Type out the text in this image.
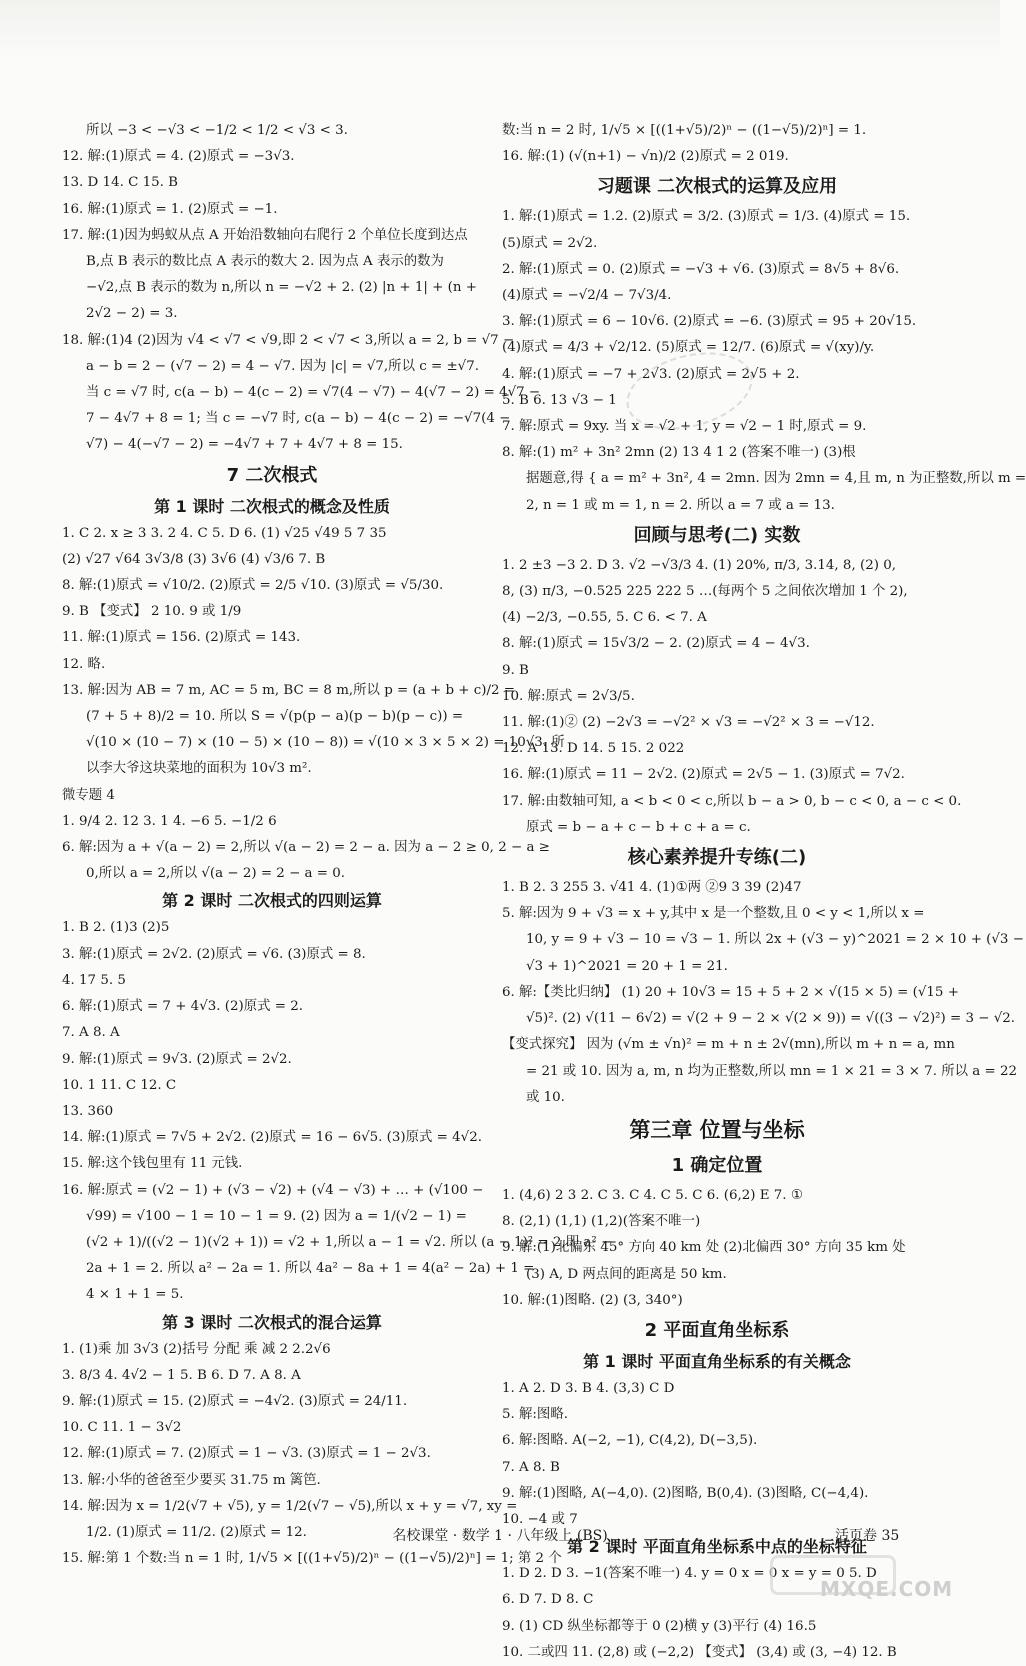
所以 −3 < −√3 < −1/2 < 1/2 < √3 < 3.
12. 解:(1)原式 = 4. (2)原式 = −3√3.
13. D 14. C 15. B
16. 解:(1)原式 = 1. (2)原式 = −1.
17. 解:(1)因为蚂蚁从点 A 开始沿数轴向右爬行 2 个单位长度到达点
B,点 B 表示的数比点 A 表示的数大 2. 因为点 A 表示的数为
−√2,点 B 表示的数为 n,所以 n = −√2 + 2. (2) |n + 1| + (n +
2√2 − 2) = 3.
18. 解:(1)4 (2)因为 √4 < √7 < √9,即 2 < √7 < 3,所以 a = 2, b = √7 −
a − b = 2 − (√7 − 2) = 4 − √7. 因为 |c| = √7,所以 c = ±√7.
当 c = √7 时, c(a − b) − 4(c − 2) = √7(4 − √7) − 4(√7 − 2) = 4√7 −
7 − 4√7 + 8 = 1; 当 c = −√7 时, c(a − b) − 4(c − 2) = −√7(4 −
√7) − 4(−√7 − 2) = −4√7 + 7 + 4√7 + 8 = 15.
7 二次根式
第 1 课时 二次根式的概念及性质
1. C 2. x ≥ 3 3. 2 4. C 5. D 6. (1) √25 √49 5 7 35
(2) √27 √64 3√3/8 (3) 3√6 (4) √3/6 7. B
8. 解:(1)原式 = √10/2. (2)原式 = 2/5 √10. (3)原式 = √5/30.
9. B 【变式】 2 10. 9 或 1/9
11. 解:(1)原式 = 156. (2)原式 = 143.
12. 略.
13. 解:因为 AB = 7 m, AC = 5 m, BC = 8 m,所以 p = (a + b + c)/2 =
(7 + 5 + 8)/2 = 10. 所以 S = √(p(p − a)(p − b)(p − c)) =
√(10 × (10 − 7) × (10 − 5) × (10 − 8)) = √(10 × 3 × 5 × 2) = 10√3. 所
以李大爷这块菜地的面积为 10√3 m².
微专题 4
1. 9/4 2. 12 3. 1 4. −6 5. −1/2 6
6. 解:因为 a + √(a − 2) = 2,所以 √(a − 2) = 2 − a. 因为 a − 2 ≥ 0, 2 − a ≥
0,所以 a = 2,所以 √(a − 2) = 2 − a = 0.
第 2 课时 二次根式的四则运算
1. B 2. (1)3 (2)5
3. 解:(1)原式 = 2√2. (2)原式 = √6. (3)原式 = 8.
4. 17 5. 5
6. 解:(1)原式 = 7 + 4√3. (2)原式 = 2.
7. A 8. A
9. 解:(1)原式 = 9√3. (2)原式 = 2√2.
10. 1 11. C 12. C
13. 360
14. 解:(1)原式 = 7√5 + 2√2. (2)原式 = 16 − 6√5. (3)原式 = 4√2.
15. 解:这个钱包里有 11 元钱.
16. 解:原式 = (√2 − 1) + (√3 − √2) + (√4 − √3) + … + (√100 −
√99) = √100 − 1 = 10 − 1 = 9. (2) 因为 a = 1/(√2 − 1) =
(√2 + 1)/((√2 − 1)(√2 + 1)) = √2 + 1,所以 a − 1 = √2. 所以 (a − 1)² = 2,即 a² −
2a + 1 = 2. 所以 a² − 2a = 1. 所以 4a² − 8a + 1 = 4(a² − 2a) + 1 =
4 × 1 + 1 = 5.
第 3 课时 二次根式的混合运算
1. (1)乘 加 3√3 (2)括号 分配 乘 减 2 2.2√6
3. 8/3 4. 4√2 − 1 5. B 6. D 7. A 8. A
9. 解:(1)原式 = 15. (2)原式 = −4√2. (3)原式 = 24/11.
10. C 11. 1 − 3√2
12. 解:(1)原式 = 7. (2)原式 = 1 − √3. (3)原式 = 1 − 2√3.
13. 解:小华的爸爸至少要买 31.75 m 篱笆.
14. 解:因为 x = 1/2(√7 + √5), y = 1/2(√7 − √5),所以 x + y = √7, xy =
1/2. (1)原式 = 11/2. (2)原式 = 12.
15. 解:第 1 个数:当 n = 1 时, 1/√5 × [((1+√5)/2)ⁿ − ((1−√5)/2)ⁿ] = 1; 第 2 个
数:当 n = 2 时, 1/√5 × [((1+√5)/2)ⁿ − ((1−√5)/2)ⁿ] = 1.
16. 解:(1) (√(n+1) − √n)/2 (2)原式 = 2 019.
习题课 二次根式的运算及应用
1. 解:(1)原式 = 1.2. (2)原式 = 3/2. (3)原式 = 1/3. (4)原式 = 15.
(5)原式 = 2√2.
2. 解:(1)原式 = 0. (2)原式 = −√3 + √6. (3)原式 = 8√5 + 8√6.
(4)原式 = −√2/4 − 7√3/4.
3. 解:(1)原式 = 6 − 10√6. (2)原式 = −6. (3)原式 = 95 + 20√15.
(4)原式 = 4/3 + √2/12. (5)原式 = 12/7. (6)原式 = √(xy)/y.
4. 解:(1)原式 = −7 + 2√3. (2)原式 = 2√5 + 2.
5. B 6. 13 √3 − 1
7. 解:原式 = 9xy. 当 x = √2 + 1, y = √2 − 1 时,原式 = 9.
8. 解:(1) m² + 3n² 2mn (2) 13 4 1 2 (答案不唯一) (3)根
据题意,得 { a = m² + 3n², 4 = 2mn. 因为 2mn = 4,且 m, n 为正整数,所以 m =
2, n = 1 或 m = 1, n = 2. 所以 a = 7 或 a = 13.
回顾与思考(二) 实数
1. 2 ±3 −3 2. D 3. √2 −√3/3 4. (1) 20%, π/3, 3.14, 8, (2) 0,
8, (3) π/3, −0.525 225 222 5 …(每两个 5 之间依次增加 1 个 2),
(4) −2/3, −0.55, 5. C 6. < 7. A
8. 解:(1)原式 = 15√3/2 − 2. (2)原式 = 4 − 4√3.
9. B
10. 解:原式 = 2√3/5.
11. 解:(1)② (2) −2√3 = −√2² × √3 = −√2² × 3 = −√12.
12. A 13. D 14. 5 15. 2 022
16. 解:(1)原式 = 11 − 2√2. (2)原式 = 2√5 − 1. (3)原式 = 7√2.
17. 解:由数轴可知, a < b < 0 < c,所以 b − a > 0, b − c < 0, a − c < 0.
原式 = b − a + c − b + c + a = c.
核心素养提升专练(二)
1. B 2. 3 255 3. √41 4. (1)①两 ②9 3 39 (2)47
5. 解:因为 9 + √3 = x + y,其中 x 是一个整数,且 0 < y < 1,所以 x =
10, y = 9 + √3 − 10 = √3 − 1. 所以 2x + (√3 − y)^2021 = 2 × 10 + (√3 −
√3 + 1)^2021 = 20 + 1 = 21.
6. 解:【类比归纳】 (1) 20 + 10√3 = 15 + 5 + 2 × √(15 × 5) = (√15 +
√5)². (2) √(11 − 6√2) = √(2 + 9 − 2 × √(2 × 9)) = √((3 − √2)²) = 3 − √2.
【变式探究】 因为 (√m ± √n)² = m + n ± 2√(mn),所以 m + n = a, mn
= 21 或 10. 因为 a, m, n 均为正整数,所以 mn = 1 × 21 = 3 × 7. 所以 a = 22
或 10.
第三章 位置与坐标
1 确定位置
1. (4,6) 2 3 2. C 3. C 4. C 5. C 6. (6,2) E 7. ①
8. (2,1) (1,1) (1,2)(答案不唯一)
9. 解:(1)北偏东 45° 方向 40 km 处 (2)北偏西 30° 方向 35 km 处
(3) A, D 两点间的距离是 50 km.
10. 解:(1)图略. (2) (3, 340°)
2 平面直角坐标系
第 1 课时 平面直角坐标系的有关概念
1. A 2. D 3. B 4. (3,3) C D
5. 解:图略.
6. 解:图略. A(−2, −1), C(4,2), D(−3,5).
7. A 8. B
9. 解:(1)图略, A(−4,0). (2)图略, B(0,4). (3)图略, C(−4,4).
10. −4 或 7
第 2 课时 平面直角坐标系中点的坐标特征
1. D 2. D 3. −1(答案不唯一) 4. y = 0 x = 0 x = y = 0 5. D
6. D 7. D 8. C
9. (1) CD 纵坐标都等于 0 (2)横 y (3)平行 (4) 16.5
10. 二或四 11. (2,8) 或 (−2,2) 【变式】 (3,4) 或 (3, −4) 12. B
名校课堂 · 数学 1 · 八年级上 (BS)	活页卷 35
MXQE.COM
